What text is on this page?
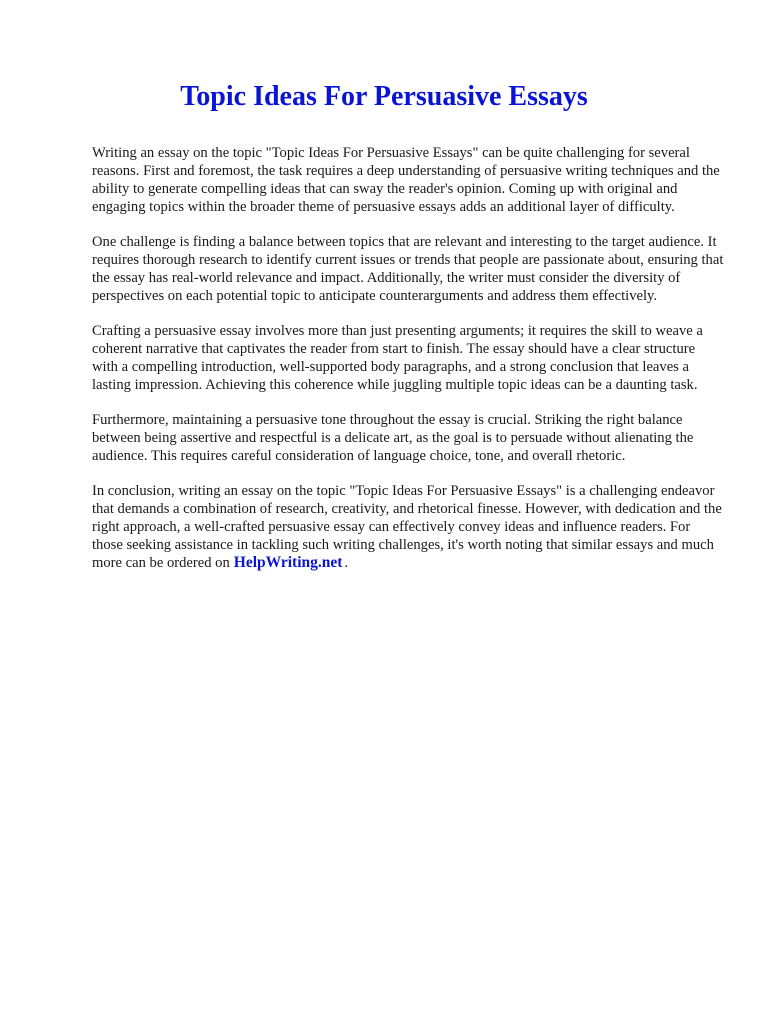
Topic Ideas For Persuasive Essays

Writing an essay on the topic "Topic Ideas For Persuasive Essays" can be quite challenging for several reasons. First and foremost, the task requires a deep understanding of persuasive writing techniques and the ability to generate compelling ideas that can sway the reader's opinion. Coming up with original and engaging topics within the broader theme of persuasive essays adds an additional layer of difficulty.

One challenge is finding a balance between topics that are relevant and interesting to the target audience. It requires thorough research to identify current issues or trends that people are passionate about, ensuring that the essay has real-world relevance and impact. Additionally, the writer must consider the diversity of perspectives on each potential topic to anticipate counterarguments and address them effectively.

Crafting a persuasive essay involves more than just presenting arguments; it requires the skill to weave a coherent narrative that captivates the reader from start to finish. The essay should have a clear structure with a compelling introduction, well-supported body paragraphs, and a strong conclusion that leaves a lasting impression. Achieving this coherence while juggling multiple topic ideas can be a daunting task.

Furthermore, maintaining a persuasive tone throughout the essay is crucial. Striking the right balance between being assertive and respectful is a delicate art, as the goal is to persuade without alienating the audience. This requires careful consideration of language choice, tone, and overall rhetoric.

In conclusion, writing an essay on the topic "Topic Ideas For Persuasive Essays" is a challenging endeavor that demands a combination of research, creativity, and rhetorical finesse. However, with dedication and the right approach, a well-crafted persuasive essay can effectively convey ideas and influence readers. For those seeking assistance in tackling such writing challenges, it's worth noting that similar essays and much more can be ordered on HelpWriting.net .
